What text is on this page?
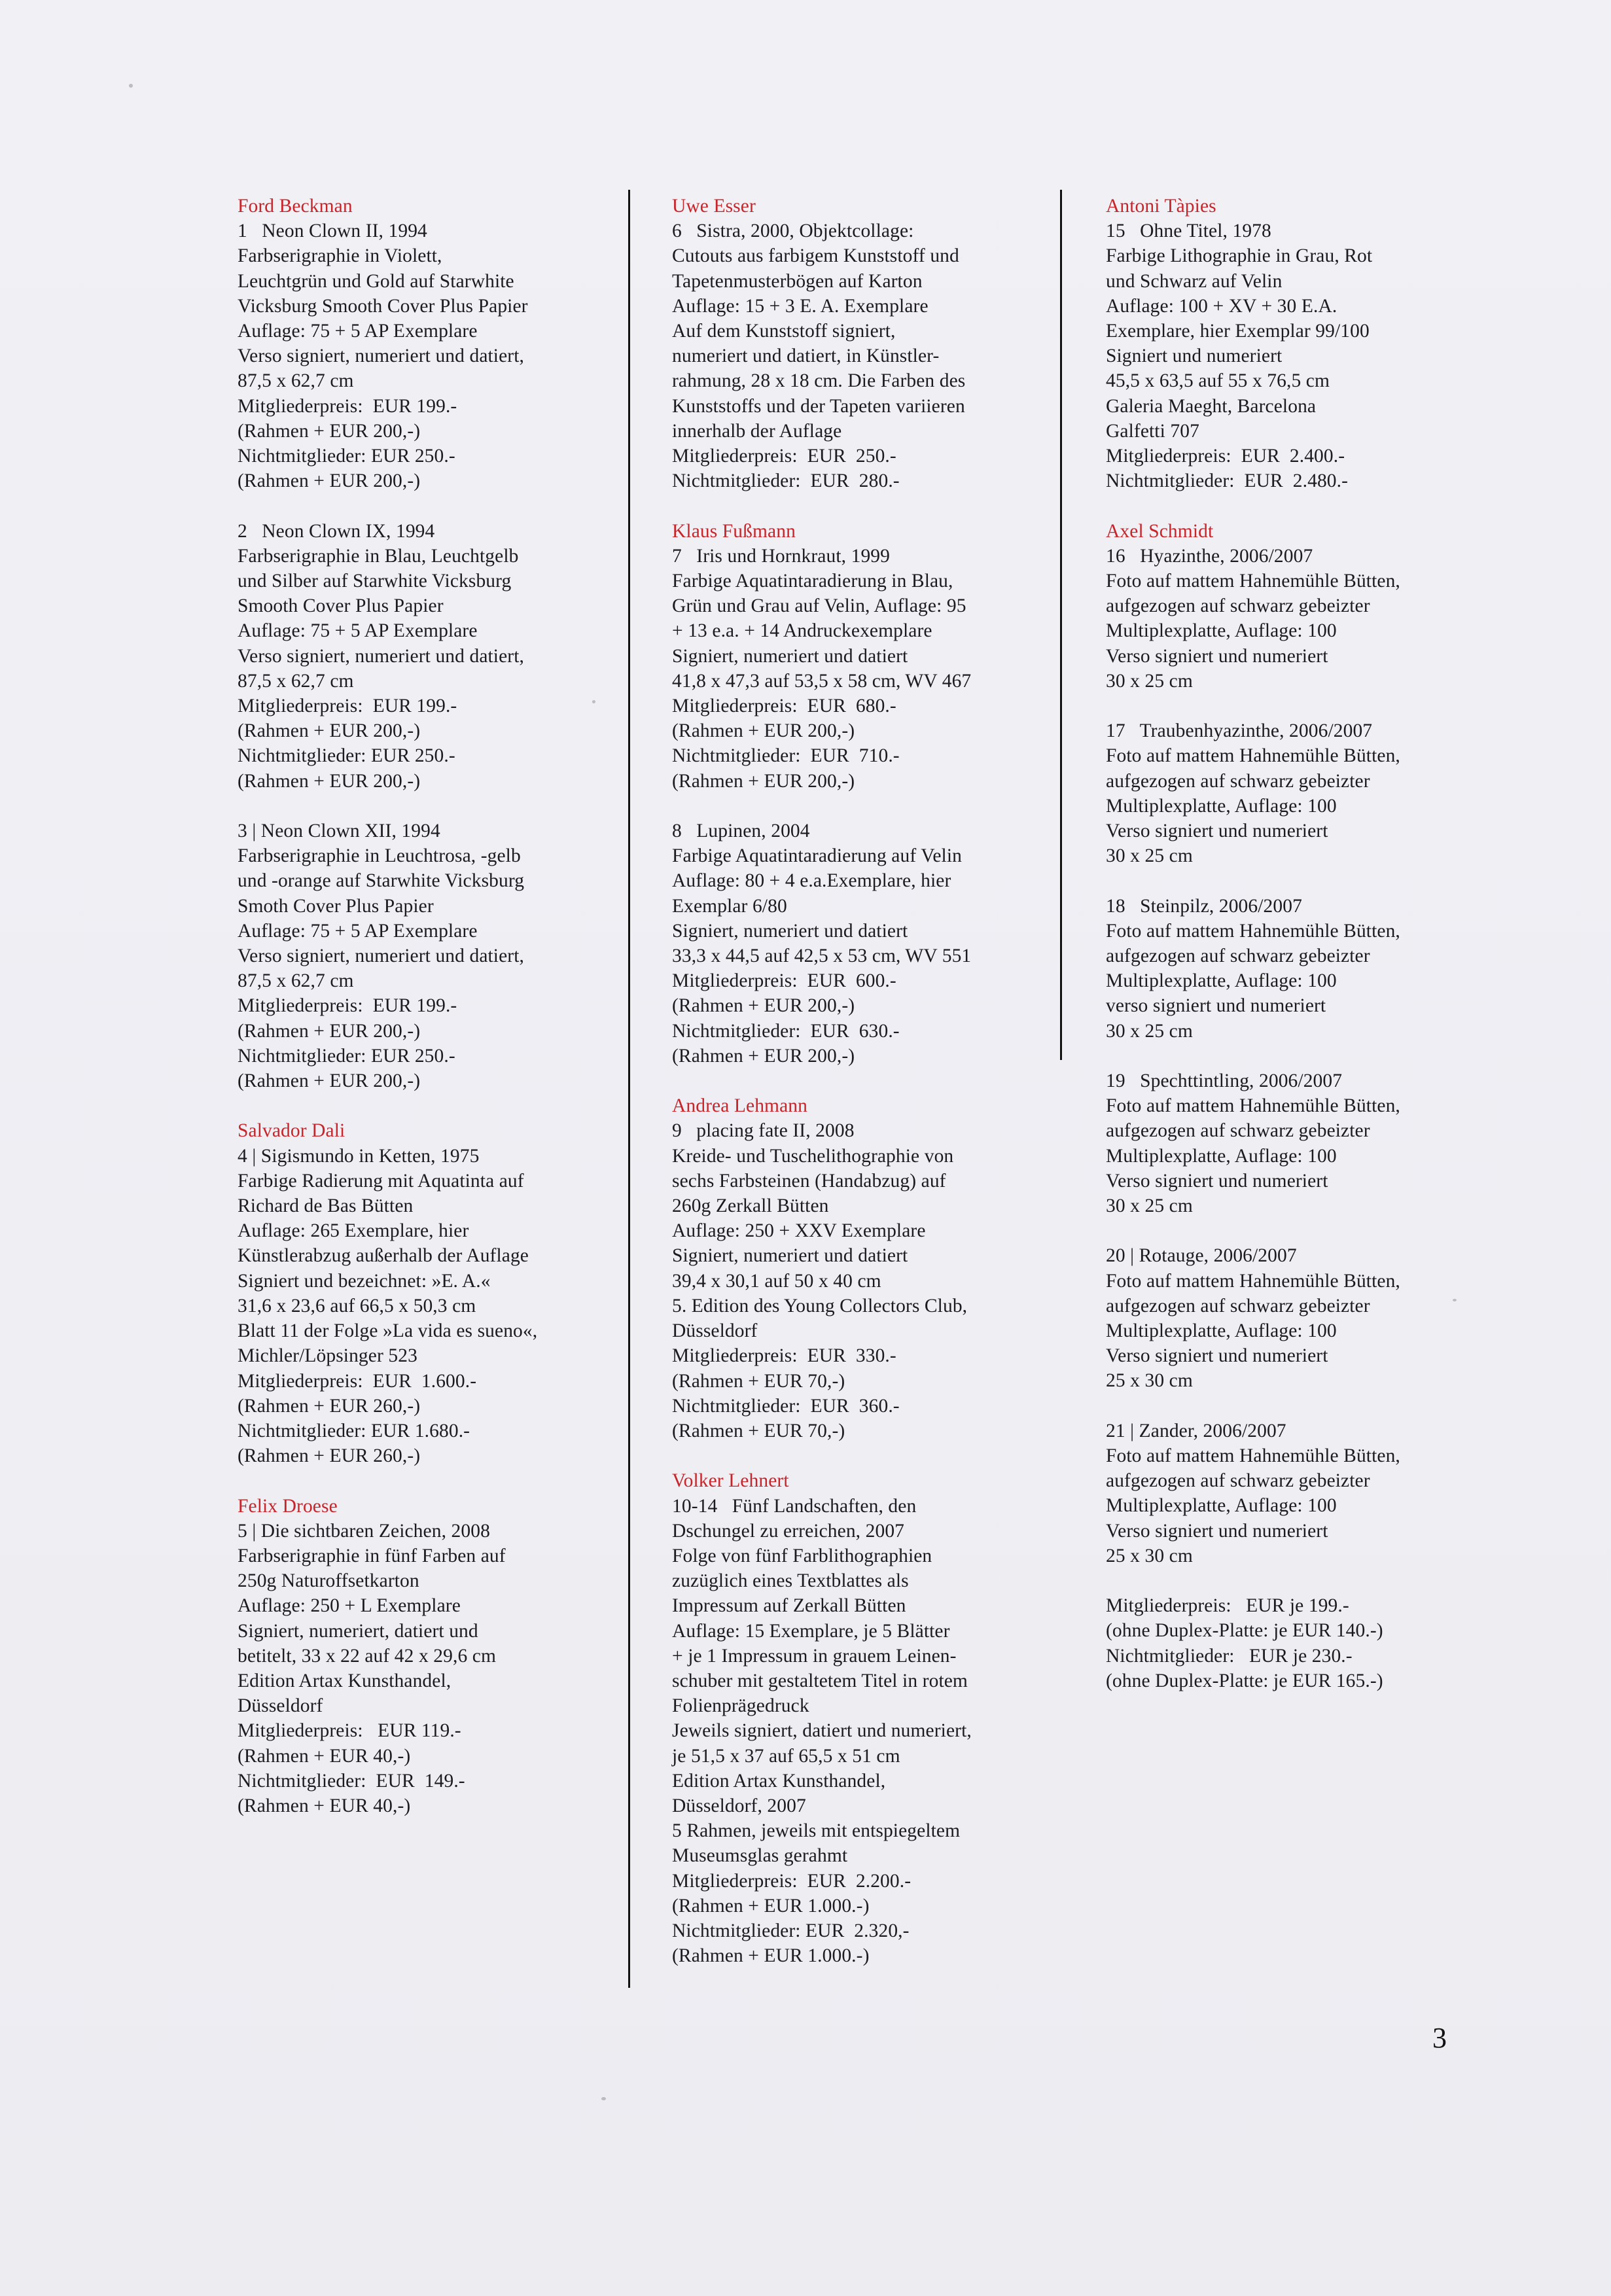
Ford Beckman
1   Neon Clown II, 1994
Farbserigraphie in Violett,
Leuchtgrün und Gold auf Starwhite
Vicksburg Smooth Cover Plus Papier
Auflage: 75 + 5 AP Exemplare
Verso signiert, numeriert und datiert,
87,5 x 62,7 cm
Mitgliederpreis:  EUR 199.-
(Rahmen + EUR 200,-)
Nichtmitglieder: EUR 250.-
(Rahmen + EUR 200,-)
2   Neon Clown IX, 1994
Farbserigraphie in Blau, Leuchtgelb
und Silber auf Starwhite Vicksburg
Smooth Cover Plus Papier
Auflage: 75 + 5 AP Exemplare
Verso signiert, numeriert und datiert,
87,5 x 62,7 cm
Mitgliederpreis:  EUR 199.-
(Rahmen + EUR 200,-)
Nichtmitglieder: EUR 250.-
(Rahmen + EUR 200,-)
3 | Neon Clown XII, 1994
Farbserigraphie in Leuchtrosa, -gelb
und -orange auf Starwhite Vicksburg
Smoth Cover Plus Papier
Auflage: 75 + 5 AP Exemplare
Verso signiert, numeriert und datiert,
87,5 x 62,7 cm
Mitgliederpreis:  EUR 199.-
(Rahmen + EUR 200,-)
Nichtmitglieder: EUR 250.-
(Rahmen + EUR 200,-)
Salvador Dali
4 | Sigismundo in Ketten, 1975
Farbige Radierung mit Aquatinta auf
Richard de Bas Bütten
Auflage: 265 Exemplare, hier
Künstlerabzug außerhalb der Auflage
Signiert und bezeichnet: »E. A.«
31,6 x 23,6 auf 66,5 x 50,3 cm
Blatt 11 der Folge »La vida es sueno«,
Michler/Löpsinger 523
Mitgliederpreis:  EUR  1.600.-
(Rahmen + EUR 260,-)
Nichtmitglieder: EUR 1.680.-
(Rahmen + EUR 260,-)
Felix Droese
5 | Die sichtbaren Zeichen, 2008
Farbserigraphie in fünf Farben auf
250g Naturoffsetkarton
Auflage: 250 + L Exemplare
Signiert, numeriert, datiert und
betitelt, 33 x 22 auf 42 x 29,6 cm
Edition Artax Kunsthandel,
Düsseldorf
Mitgliederpreis:   EUR 119.-
(Rahmen + EUR 40,-)
Nichtmitglieder:  EUR  149.-
(Rahmen + EUR 40,-)
Uwe Esser
6   Sistra, 2000, Objektcollage:
Cutouts aus farbigem Kunststoff und
Tapetenmusterbögen auf Karton
Auflage: 15 + 3 E. A. Exemplare
Auf dem Kunststoff signiert,
numeriert und datiert, in Künstler-
rahmung, 28 x 18 cm. Die Farben des
Kunststoffs und der Tapeten variieren
innerhalb der Auflage
Mitgliederpreis:  EUR  250.-
Nichtmitglieder:  EUR  280.-
Klaus Fußmann
7   Iris und Hornkraut, 1999
Farbige Aquatintaradierung in Blau,
Grün und Grau auf Velin, Auflage: 95
+ 13 e.a. + 14 Andruckexemplare
Signiert, numeriert und datiert
41,8 x 47,3 auf 53,5 x 58 cm, WV 467
Mitgliederpreis:  EUR  680.-
(Rahmen + EUR 200,-)
Nichtmitglieder:  EUR  710.-
(Rahmen + EUR 200,-)
8   Lupinen, 2004
Farbige Aquatintaradierung auf Velin
Auflage: 80 + 4 e.a.Exemplare, hier
Exemplar 6/80
Signiert, numeriert und datiert
33,3 x 44,5 auf 42,5 x 53 cm, WV 551
Mitgliederpreis:  EUR  600.-
(Rahmen + EUR 200,-)
Nichtmitglieder:  EUR  630.-
(Rahmen + EUR 200,-)
Andrea Lehmann
9   placing fate II, 2008
Kreide- und Tuschelithographie von
sechs Farbsteinen (Handabzug) auf
260g Zerkall Bütten
Auflage: 250 + XXV Exemplare
Signiert, numeriert und datiert
39,4 x 30,1 auf 50 x 40 cm
5. Edition des Young Collectors Club,
Düsseldorf
Mitgliederpreis:  EUR  330.-
(Rahmen + EUR 70,-)
Nichtmitglieder:  EUR  360.-
(Rahmen + EUR 70,-)
Volker Lehnert
10-14   Fünf Landschaften, den
Dschungel zu erreichen, 2007
Folge von fünf Farblithographien
zuzüglich eines Textblattes als
Impressum auf Zerkall Bütten
Auflage: 15 Exemplare, je 5 Blätter
+ je 1 Impressum in grauem Leinen-
schuber mit gestaltetem Titel in rotem
Folienprägedruck
Jeweils signiert, datiert und numeriert,
je 51,5 x 37 auf 65,5 x 51 cm
Edition Artax Kunsthandel,
Düsseldorf, 2007
5 Rahmen, jeweils mit entspiegeltem
Museumsglas gerahmt
Mitgliederpreis:  EUR  2.200.-
(Rahmen + EUR 1.000.-)
Nichtmitglieder: EUR  2.320,-
(Rahmen + EUR 1.000.-)
Antoni Tàpies
15   Ohne Titel, 1978
Farbige Lithographie in Grau, Rot
und Schwarz auf Velin
Auflage: 100 + XV + 30 E.A.
Exemplare, hier Exemplar 99/100
Signiert und numeriert
45,5 x 63,5 auf 55 x 76,5 cm
Galeria Maeght, Barcelona
Galfetti 707
Mitgliederpreis:  EUR  2.400.-
Nichtmitglieder:  EUR  2.480.-
Axel Schmidt
16   Hyazinthe, 2006/2007
Foto auf mattem Hahnemühle Bütten,
aufgezogen auf schwarz gebeizter
Multiplexplatte, Auflage: 100
Verso signiert und numeriert
30 x 25 cm
17   Traubenhyazinthe, 2006/2007
Foto auf mattem Hahnemühle Bütten,
aufgezogen auf schwarz gebeizter
Multiplexplatte, Auflage: 100
Verso signiert und numeriert
30 x 25 cm
18   Steinpilz, 2006/2007
Foto auf mattem Hahnemühle Bütten,
aufgezogen auf schwarz gebeizter
Multiplexplatte, Auflage: 100
verso signiert und numeriert
30 x 25 cm
19   Spechttintling, 2006/2007
Foto auf mattem Hahnemühle Bütten,
aufgezogen auf schwarz gebeizter
Multiplexplatte, Auflage: 100
Verso signiert und numeriert
30 x 25 cm
20 | Rotauge, 2006/2007
Foto auf mattem Hahnemühle Bütten,
aufgezogen auf schwarz gebeizter
Multiplexplatte, Auflage: 100
Verso signiert und numeriert
25 x 30 cm
21 | Zander, 2006/2007
Foto auf mattem Hahnemühle Bütten,
aufgezogen auf schwarz gebeizter
Multiplexplatte, Auflage: 100
Verso signiert und numeriert
25 x 30 cm
Mitgliederpreis:   EUR je 199.-
(ohne Duplex-Platte: je EUR 140.-)
Nichtmitglieder:   EUR je 230.-
(ohne Duplex-Platte: je EUR 165.-)
3
